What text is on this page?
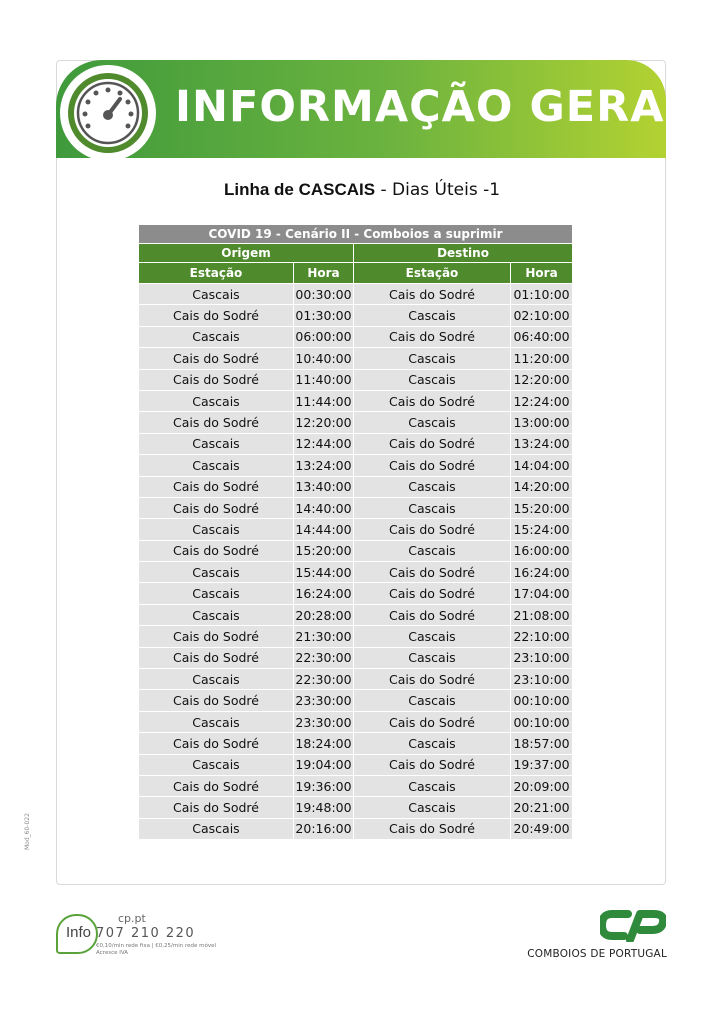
INFORMAÇÃO GERAL
Linha de CASCAIS - Dias Úteis -1
COVID 19 - Cenário II - Comboios a suprimir			
Origem		Destino	
Estação	Hora	Estação	Hora
Cascais	00:30:00	Cais do Sodré	01:10:00
Cais do Sodré	01:30:00	Cascais	02:10:00
Cascais	06:00:00	Cais do Sodré	06:40:00
Cais do Sodré	10:40:00	Cascais	11:20:00
Cais do Sodré	11:40:00	Cascais	12:20:00
Cascais	11:44:00	Cais do Sodré	12:24:00
Cais do Sodré	12:20:00	Cascais	13:00:00
Cascais	12:44:00	Cais do Sodré	13:24:00
Cascais	13:24:00	Cais do Sodré	14:04:00
Cais do Sodré	13:40:00	Cascais	14:20:00
Cais do Sodré	14:40:00	Cascais	15:20:00
Cascais	14:44:00	Cais do Sodré	15:24:00
Cais do Sodré	15:20:00	Cascais	16:00:00
Cascais	15:44:00	Cais do Sodré	16:24:00
Cascais	16:24:00	Cais do Sodré	17:04:00
Cascais	20:28:00	Cais do Sodré	21:08:00
Cais do Sodré	21:30:00	Cascais	22:10:00
Cais do Sodré	22:30:00	Cascais	23:10:00
Cascais	22:30:00	Cais do Sodré	23:10:00
Cais do Sodré	23:30:00	Cascais	00:10:00
Cascais	23:30:00	Cais do Sodré	00:10:00
Cais do Sodré	18:24:00	Cascais	18:57:00
Cascais	19:04:00	Cais do Sodré	19:37:00
Cais do Sodré	19:36:00	Cascais	20:09:00
Cais do Sodré	19:48:00	Cascais	20:21:00
Cascais	20:16:00	Cais do Sodré	20:49:00
Mod_60-022
Info
cp.pt
707 210 220
€0,10/min rede fixa | €0,25/min rede móvel
Acresce IVA	COMBOIOS DE PORTUGAL
